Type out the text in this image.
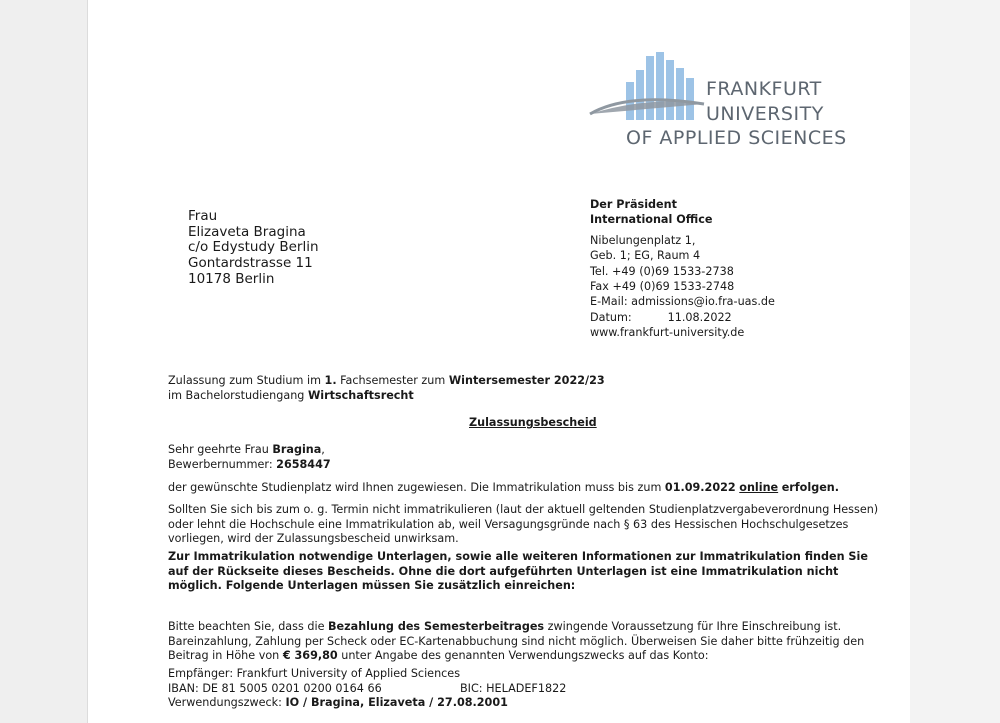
FRANKFURT
UNIVERSITY
OF APPLIED SCIENCES
Frau
Elizaveta Bragina
c/o Edystudy Berlin
Gontardstrasse 11
10178 Berlin
Der Präsident
International Office
Nibelungenplatz 1,
Geb. 1; EG, Raum 4
Tel. +49 (0)69 1533-2738
Fax +49 (0)69 1533-2748
E-Mail: admissions@io.fra-uas.de
Datum:	11.08.2022
www.frankfurt-university.de
Zulassung zum Studium im 1. Fachsemester zum Wintersemester 2022/23
im Bachelorstudiengang Wirtschaftsrecht
Zulassungsbescheid
Sehr geehrte Frau Bragina,
Bewerbernummer: 2658447
der gewünschte Studienplatz wird Ihnen zugewiesen. Die Immatrikulation muss bis zum 01.09.2022 online erfolgen.
Sollten Sie sich bis zum o. g. Termin nicht immatrikulieren (laut der aktuell geltenden Studienplatzvergabeverordnung Hessen)
oder lehnt die Hochschule eine Immatrikulation ab, weil Versagungsgründe nach § 63 des Hessischen Hochschulgesetzes
vorliegen, wird der Zulassungsbescheid unwirksam.
Zur Immatrikulation notwendige Unterlagen, sowie alle weiteren Informationen zur Immatrikulation finden Sie
auf der Rückseite dieses Bescheids. Ohne die dort aufgeführten Unterlagen ist eine Immatrikulation nicht
möglich. Folgende Unterlagen müssen Sie zusätzlich einreichen:
Bitte beachten Sie, dass die Bezahlung des Semesterbeitrages zwingende Voraussetzung für Ihre Einschreibung ist.
Bareinzahlung, Zahlung per Scheck oder EC-Kartenabbuchung sind nicht möglich. Überweisen Sie daher bitte frühzeitig den
Beitrag in Höhe von € 369,80 unter Angabe des genannten Verwendungszwecks auf das Konto:
Empfänger: Frankfurt University of Applied Sciences
IBAN: DE 81 5005 0201 0200 0164 66	BIC: HELADEF1822
Verwendungszweck: IO / Bragina, Elizaveta / 27.08.2001
